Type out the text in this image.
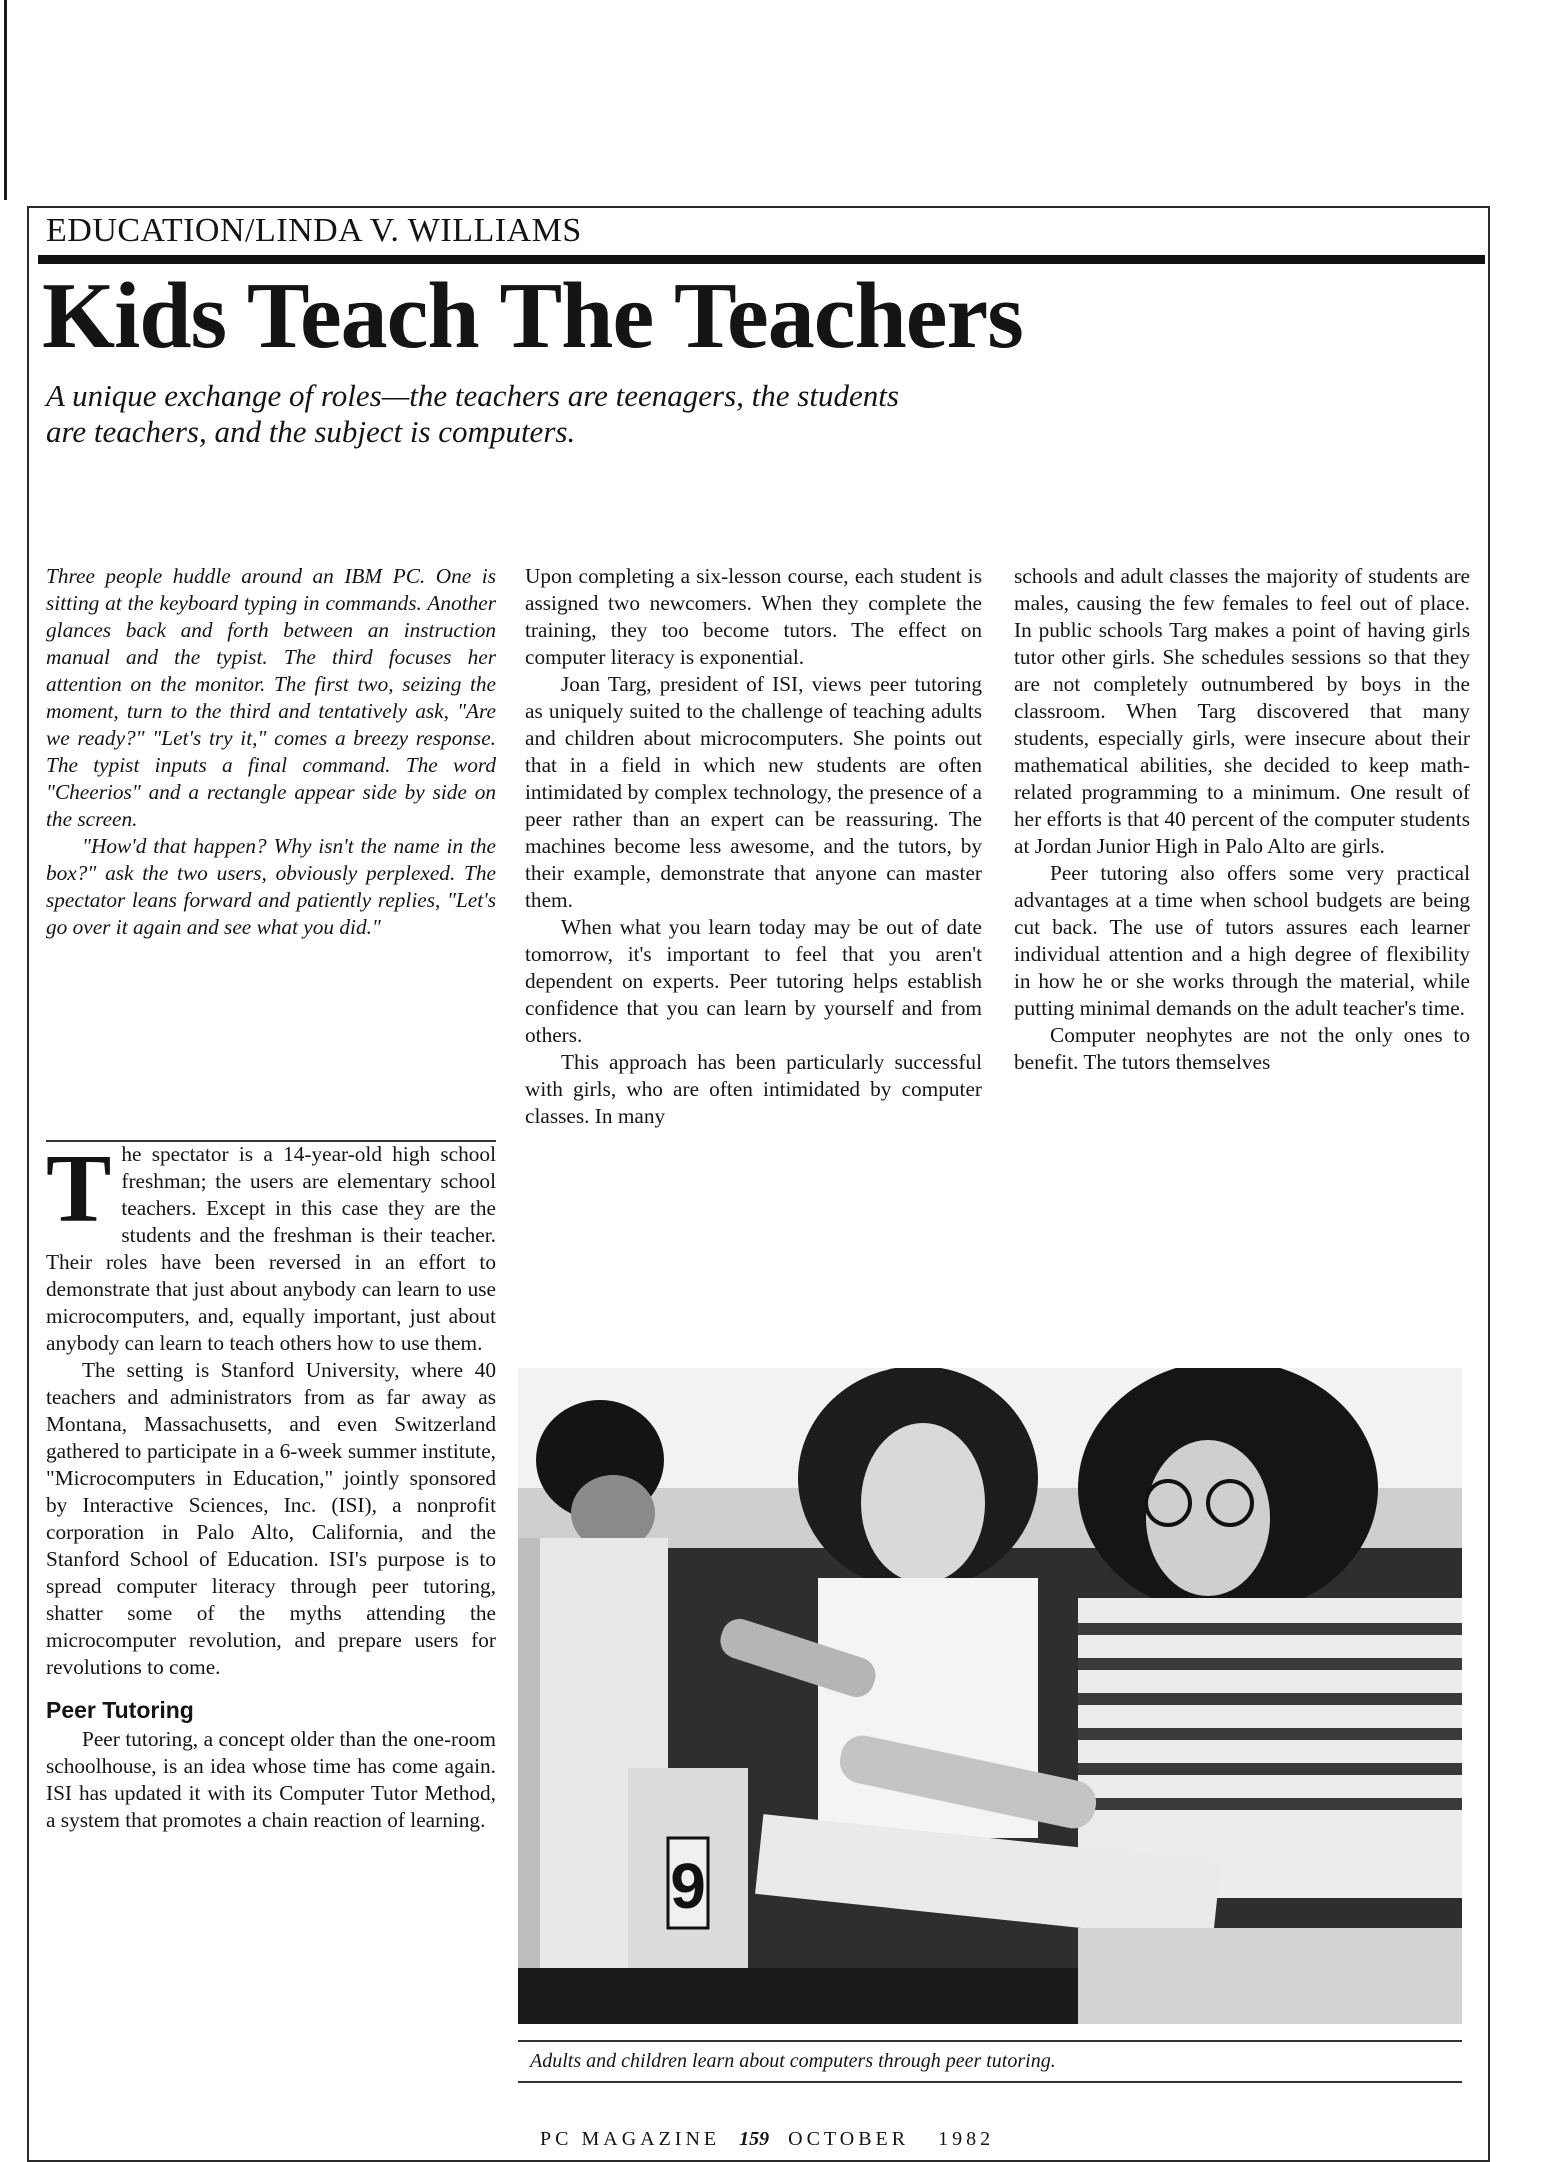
EDUCATION/LINDA V. WILLIAMS
Kids Teach The Teachers
A unique exchange of roles—the teachers are teenagers, the students are teachers, and the subject is computers.

Three people huddle around an IBM PC. One is sitting at the keyboard typing in commands. Another glances back and forth between an instruction manual and the typist. The third focuses her attention on the monitor. The first two, seizing the moment, turn to the third and tentatively ask, "Are we ready?" "Let's try it," comes a breezy response. The typist inputs a final command. The word "Cheerios" and a rectangle appear side by side on the screen.

"How'd that happen? Why isn't the name in the box?" ask the two users, obviously perplexed. The spectator leans forward and patiently replies, "Let's go over it again and see what you did."

The spectator is a 14-year-old high school freshman; the users are elementary school teachers. Except in this case they are the students and the freshman is their teacher. Their roles have been reversed in an effort to demonstrate that just about anybody can learn to use microcomputers, and, equally important, just about anybody can learn to teach others how to use them.

The setting is Stanford University, where 40 teachers and administrators from as far away as Montana, Massachusetts, and even Switzerland gathered to participate in a 6-week summer institute, "Microcomputers in Education," jointly sponsored by Interactive Sciences, Inc. (ISI), a nonprofit corporation in Palo Alto, California, and the Stanford School of Education. ISI's purpose is to spread computer literacy through peer tutoring, shatter some of the myths attending the microcomputer revolution, and prepare users for revolutions to come.

Peer Tutoring

Peer tutoring, a concept older than the one-room schoolhouse, is an idea whose time has come again. ISI has updated it with its Computer Tutor Method, a system that promotes a chain reaction of learning.

Upon completing a six-lesson course, each student is assigned two newcomers. When they complete the training, they too become tutors. The effect on computer literacy is exponential.

Joan Targ, president of ISI, views peer tutoring as uniquely suited to the challenge of teaching adults and children about microcomputers. She points out that in a field in which new students are often intimidated by complex technology, the presence of a peer rather than an expert can be reassuring. The machines become less awesome, and the tutors, by their example, demonstrate that anyone can master them.

When what you learn today may be out of date tomorrow, it's important to feel that you aren't dependent on experts. Peer tutoring helps establish confidence that you can learn by yourself and from others.

This approach has been particularly successful with girls, who are often intimidated by computer classes. In many

schools and adult classes the majority of students are males, causing the few females to feel out of place. In public schools Targ makes a point of having girls tutor other girls. She schedules sessions so that they are not completely outnumbered by boys in the classroom. When Targ discovered that many students, especially girls, were insecure about their mathematical abilities, she decided to keep math-related programming to a minimum. One result of her efforts is that 40 percent of the computer students at Jordan Junior High in Palo Alto are girls.

Peer tutoring also offers some very practical advantages at a time when school budgets are being cut back. The use of tutors assures each learner individual attention and a high degree of flexibility in how he or she works through the material, while putting minimal demands on the adult teacher's time.

Computer neophytes are not the only ones to benefit. The tutors themselves

9
Adults and children learn about computers through peer tutoring.
PC MAGAZINE 159 OCTOBER 1982
